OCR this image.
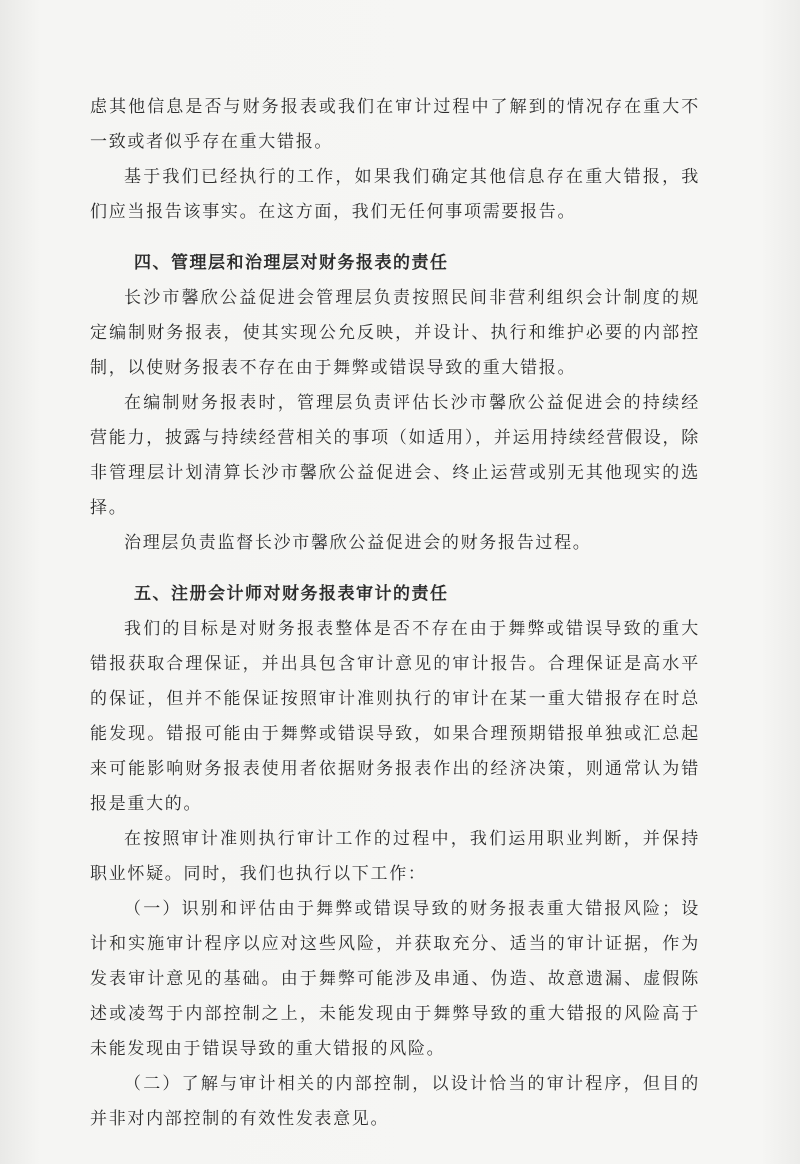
虑其他信息是否与财务报表或我们在审计过程中了解到的情况存在重大不一致或者似乎存在重大错报。

基于我们已经执行的工作，如果我们确定其他信息存在重大错报，我们应当报告该事实。在这方面，我们无任何事项需要报告。

四、管理层和治理层对财务报表的责任

长沙市馨欣公益促进会管理层负责按照民间非营利组织会计制度的规定编制财务报表，使其实现公允反映，并设计、执行和维护必要的内部控制，以使财务报表不存在由于舞弊或错误导致的重大错报。

在编制财务报表时，管理层负责评估长沙市馨欣公益促进会的持续经营能力，披露与持续经营相关的事项（如适用），并运用持续经营假设，除非管理层计划清算长沙市馨欣公益促进会、终止运营或别无其他现实的选择。

治理层负责监督长沙市馨欣公益促进会的财务报告过程。

五、注册会计师对财务报表审计的责任

我们的目标是对财务报表整体是否不存在由于舞弊或错误导致的重大错报获取合理保证，并出具包含审计意见的审计报告。合理保证是高水平的保证，但并不能保证按照审计准则执行的审计在某一重大错报存在时总能发现。错报可能由于舞弊或错误导致，如果合理预期错报单独或汇总起来可能影响财务报表使用者依据财务报表作出的经济决策，则通常认为错报是重大的。

在按照审计准则执行审计工作的过程中，我们运用职业判断，并保持职业怀疑。同时，我们也执行以下工作：

（一）识别和评估由于舞弊或错误导致的财务报表重大错报风险；设计和实施审计程序以应对这些风险，并获取充分、适当的审计证据，作为发表审计意见的基础。由于舞弊可能涉及串通、伪造、故意遗漏、虚假陈述或凌驾于内部控制之上，未能发现由于舞弊导致的重大错报的风险高于未能发现由于错误导致的重大错报的风险。

（二）了解与审计相关的内部控制，以设计恰当的审计程序，但目的并非对内部控制的有效性发表意见。
